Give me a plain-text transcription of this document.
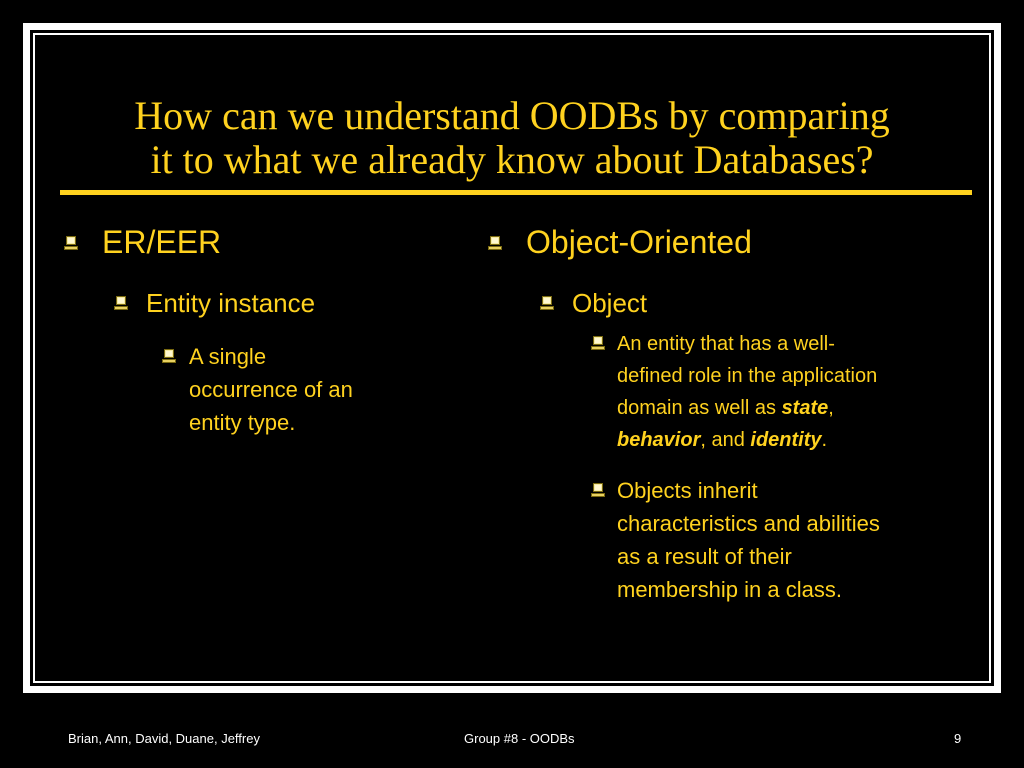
How can we understand OODBs by comparing
it to what we already know about Databases?
ER/EER
Entity instance
A single
occurrence of an
entity type.
Object-Oriented
Object
An entity that has a well-
defined role in the application
domain as well as state,
behavior, and identity.
Objects inherit
characteristics and abilities
as a result of their
membership in a class.
Brian, Ann, David, Duane, Jeffrey	Group #8 - OODBs	9
